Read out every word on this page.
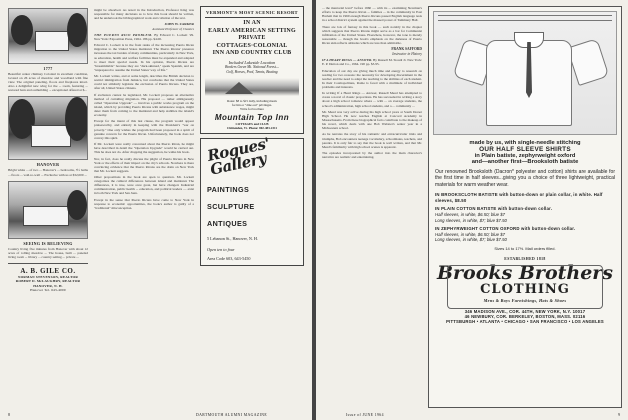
1777
Beautiful center chimney Colonial in excellent condition, located on 26 acres of meadow and woodland with fine view. The original paneling, floors and fireplaces intact. Also a delightful new wing for the ... room, featuring ... restored barn and outbuilding ... exceptional offered at $...
HANOVER
Bright white ... of two ... Hanover's ... bedrooms, 3½ baths ... floors ... wall-to-wall ... Exclusive with us at $32,000 ...
SEEING IS BELIEVING
Country living five minutes from Hanover with about 12 acres of rolling meadow ... The house, built ... paneled living room ... library ... country setting ... private ...
A. B. GILE CO.
NORMAN STEVENSON, REALTOR
ROBERT D. McLAUGHRY, REALTOR
HANOVER, N. H.
Hanover Tel. 643-4000

might be absorbed. As noted in the Introduction, Professor King was responsible for many decisions as to how this book should be written, and he undertook the bibliographical work and collation of the text.

JOHN W. ZARKER
Assistant Professor of Classics

THE PUERTO RICO PROBLEM. By Edward C. Lockett '29. New York: Exposition Press, 1964. 186 pp. $4.00.

Edward C. Lockett is in the front ranks of the increasing Puerto Rican migration to the United States mainland. The Puerto Ricans' presence increases the tax burden of many communities, particularly in New York, as education, health and welfare facilities must be expanded and adapted to meet their special needs. In his opinion, Puerto Ricans are "inassimilable" because they are "dark-skinned," speak Spanish, and are "unprepared to assume the United States' way of life."

Mr. Lockett writes, and at some length, describes the British decision to restrict immigration from Jamaica, but concludes that the United States could not similarly legislate the exclusion of Puerto Ricans. They are, after all, United States citizens.

If exclusion cannot be legislated, Mr. Lockett proposes an alternative method of curtailing migration. His proposal — rather ambiguously called "Operation Upgrade" — involves a public works program on the island, which by providing Puerto Ricans with subsistence wages, might deter them from coming to the mainland and help stabilize the island's economy.

Except for the intent of this last clause, the program would appear praiseworthy, and entirely in keeping with the President's "war on poverty." One only wishes the program had been proposed in a spirit of genuine concern for the Puerto Rican. Unfortunately, the book does not convey this spirit.

If Mr. Lockett were really concerned about the Puerto Rican, he might have described in detail the "Operation Upgrade" would be carried out. This he does not do. After dropping the suggestion, he walks his book.

Nor, in fact, does he really discuss the plight of Puerto Ricans in New York or the effects of their impact on the city's schools. Nowhere is there convincing evidence that the Puerto Ricans are the drain on New York that Mr. Lockett suggests.

Other propositions in the book are open to question. Mr. Lockett categorizes the cultural differences between island and mainland. The differences, it is true, were once great, but have changed. Industrial communication, public health ... education, and political leaders — exist in both New York and San Juan.

Except in the sense that Puerto Ricans have come to New York in response to economic opportunities, the book's author is guilty of a "traditional" misconception.

VERMONT'S MOST SCENIC RESORT
IN AN
EARLY AMERICAN SETTING
PRIVATE COTTAGES·COLONIAL
INN AND COUNTRY CLUB
Included Lakeside Location
Borders Green Mt. National Forest—
Golf, Horses, Pool, Tennis, Boating
Rates: $8 to $15 daily, including meals
for Inn or "dine out" privileges.
Write for brochure
Mountain Top Inn
COTTAGES and CLUB
Chittenden, Vt. Phone: 802-483-2311
Rogues' Gallery
PAINTINGS
SCULPTURE
ANTIQUES
5 Lebanon St., Hanover, N. H.
Open ten to four
Area Code 603, 643-5450
8	DARTMOUTH ALUMNI MAGAZINE

... the mentorial level" before 1960 — with its ... examining Newman's efforts to keep the Puerto Rican ... families ... in the community in East Harlem that in 1960 enough Puerto Ricans passed English language tests in a school district system against the massed power of Tammany Hall.

There are lots of fantasy in this book — such notably in the chapter which suggests that Puerto Ricans might serve as a bar for Communist infiltration of the United States. Elsewhere, however, the tone is merely reasonable — though the book's emphasis on the darkness of Puerto Rican skin reflects attitudes which are less than admirable.

FRANK SAFFORD
Instructor in History

IF A HEART RINGS — ANSWER. By Russell M. Stoudt Jr. New York: E. P. Dutton and Co., 1964. 190 pp. $3.95.

Education of our day are giving much time and energy to research on reading for two reasons: the necessity for developing discernment in the teacher and the need to adapt the teaching to the abilities of each student. In their Cosmopolitans, Rome is faced with a multitude of individual problems and interests.

In writing If a Heart Rings — Answer, Russell Mead has attempted to create a novel of classic proportions. He has succeeded in writing a story about a high school romance where ... with ... on average students, the school's administration, high school students, and a ... community ...

Mr. Mead was very active during his high school years at South Dorset High School. He now teaches English at Concord Academy in Massachusetts. From these biographical facts contribute to the makeup of his novel, which deals with one Bob Webster's senior year in a Midwestern school.

As he narrates the story of his romantic and extracurricular trials and triumphs, Bob encounters teenage vocabulary, schoolmates, teachers, and parents. It is only fair to say that the book is well written, and that Mr. Mead's familiarity with high school scenes is apparent.

The episodes incorporated by the author into the main character's narrative are realistic and entertaining.

made by us, with single-needle stitching
OUR HALF SLEEVE SHIRTS
in Plain batiste, zephyrweight oxford
and—another first—Brooksloth batiste
Our renowned Brooksloth (Dacron* polyester and cotton) shirts are available for the first time in half sleeves...giving you a choice of three lightweight, practical materials for warm weather wear.
IN BROOKSCLOTH BATISTE with button-down or plain collar, in white. Half sleeves, $8.50
IN PLAIN COTTON BATISTE with button-down collar.
Half sleeves, in white, $6.50; blue $7
Long sleeves, in white, $7; blue $7.50
IN ZEPHYRWEIGHT COTTON OXFORD with button-down collar.
Half sleeves, in white, $6.50; blue $7
Long sleeves, in white, $7; blue $7.50
Sizes 14 to 17½. Mail orders filled.
ESTABLISHED 1818
Brooks Brothers
CLOTHING
Mens & Boys Furnishings, Hats & Shoes
346 MADISON AVE., COR. 44TH, NEW YORK, N.Y. 10017
46 NEWBURY, COR. BERKELEY, BOSTON, MASS. 02116
PITTSBURGH • ATLANTA • CHICAGO • SAN FRANCISCO • LOS ANGELES
Issue of JUNE 1964	9
